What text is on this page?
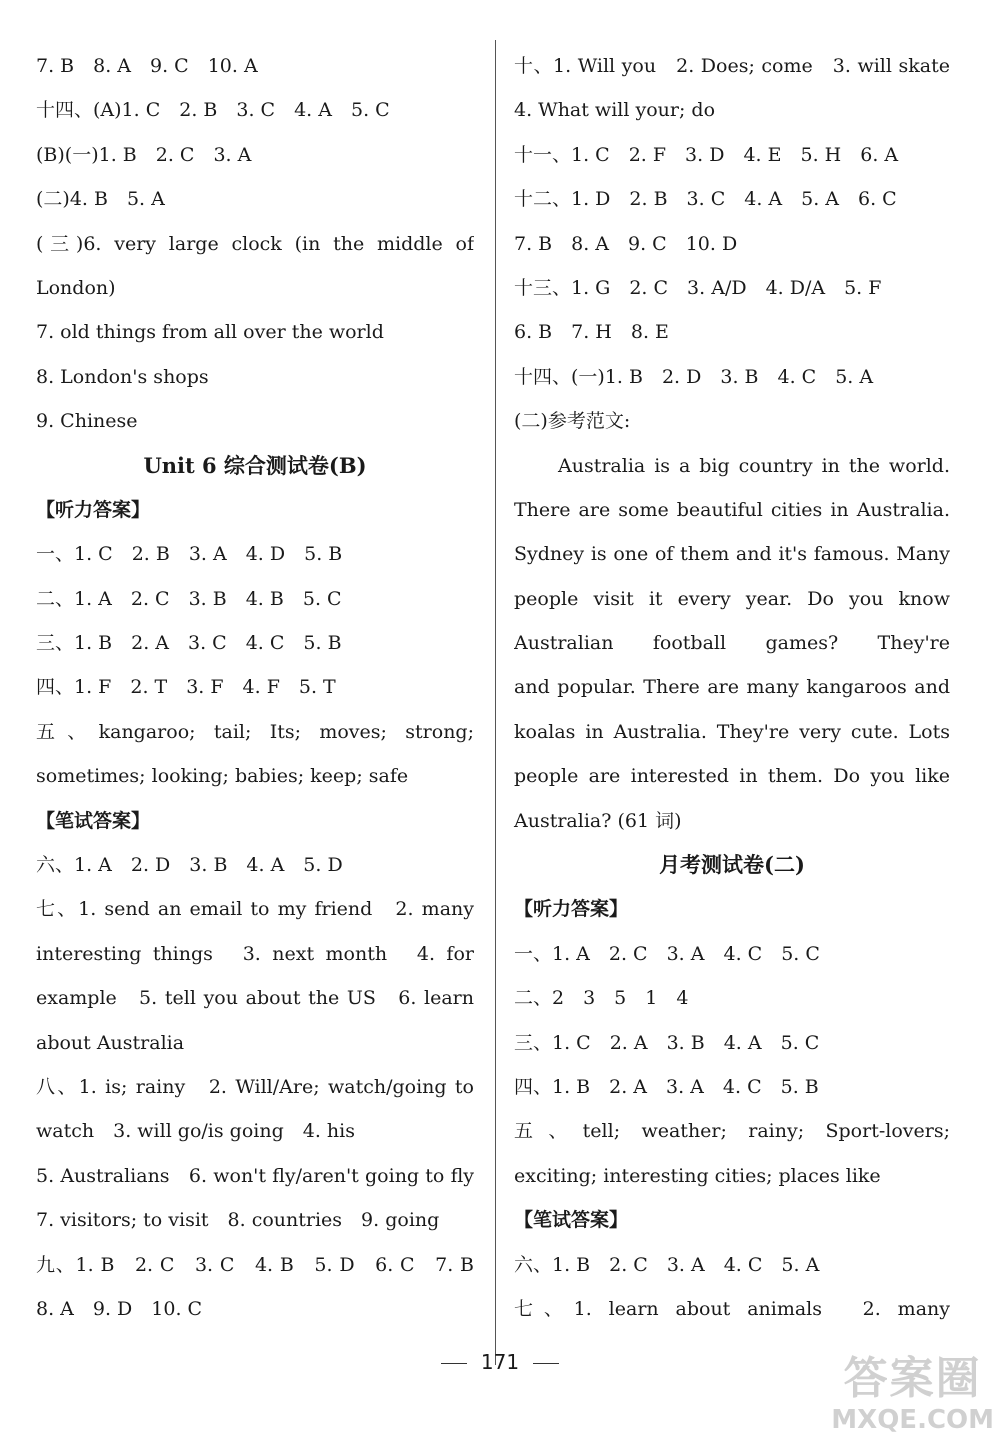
7. B　8. A　9. C　10. A
十四、(A)1. C　2. B　3. C　4. A　5. C
(B)(一)1. B　2. C　3. A
(二)4. B　5. A
(三)6. very large clock (in the middle of
London)
7. old things from all over the world
8. London's shops
9. Chinese
Unit 6 综合测试卷(B)
【听力答案】
一、1. C　2. B　3. A　4. D　5. B
二、1. A　2. C　3. B　4. B　5. C
三、1. B　2. A　3. C　4. C　5. B
四、1. F　2. T　3. F　4. F　5. T
五、kangaroo; tail; Its; moves; strong;
sometimes; looking; babies; keep; safe
【笔试答案】
六、1. A　2. D　3. B　4. A　5. D
七、1. send an email to my friend　2. many
interesting things　3. next month　4. for
example　5. tell you about the US　6. learn
about Australia
八、1. is; rainy　2. Will/Are; watch/going to
watch　3. will go/is going　4. his
5. Australians　6. won't fly/aren't going to fly
7. visitors; to visit　8. countries　9. going
九、1. B　2. C　3. C　4. B　5. D　6. C　7. B
8. A　9. D　10. C
十、1. Will you　2. Does; come　3. will skate
4. What will your; do
十一、1. C　2. F　3. D　4. E　5. H　6. A
十二、1. D　2. B　3. C　4. A　5. A　6. C
7. B　8. A　9. C　10. D
十三、1. G　2. C　3. A/D　4. D/A　5. F
6. B　7. H　8. E
十四、(一)1. B　2. D　3. B　4. C　5. A
(二)参考范文:
Australia is a big country in the world.
There are some beautiful cities in Australia.
Sydney is one of them and it's famous. Many
people visit it every year. Do you know
Australian football games? They're
and popular. There are many kangaroos and
koalas in Australia. They're very cute. Lots
people are interested in them. Do you like
Australia? (61 词)
月考测试卷(二)
【听力答案】
一、1. A　2. C　3. A　4. C　5. C
二、2　3　5　1　4
三、1. C　2. A　3. B　4. A　5. C
四、1. B　2. A　3. A　4. C　5. B
五、tell; weather; rainy; Sport-lovers;
exciting; interesting cities; places like
【笔试答案】
六、1. B　2. C　3. A　4. C　5. A
七、1. learn about animals　2. many
171	答案圈
MXQE.COM
